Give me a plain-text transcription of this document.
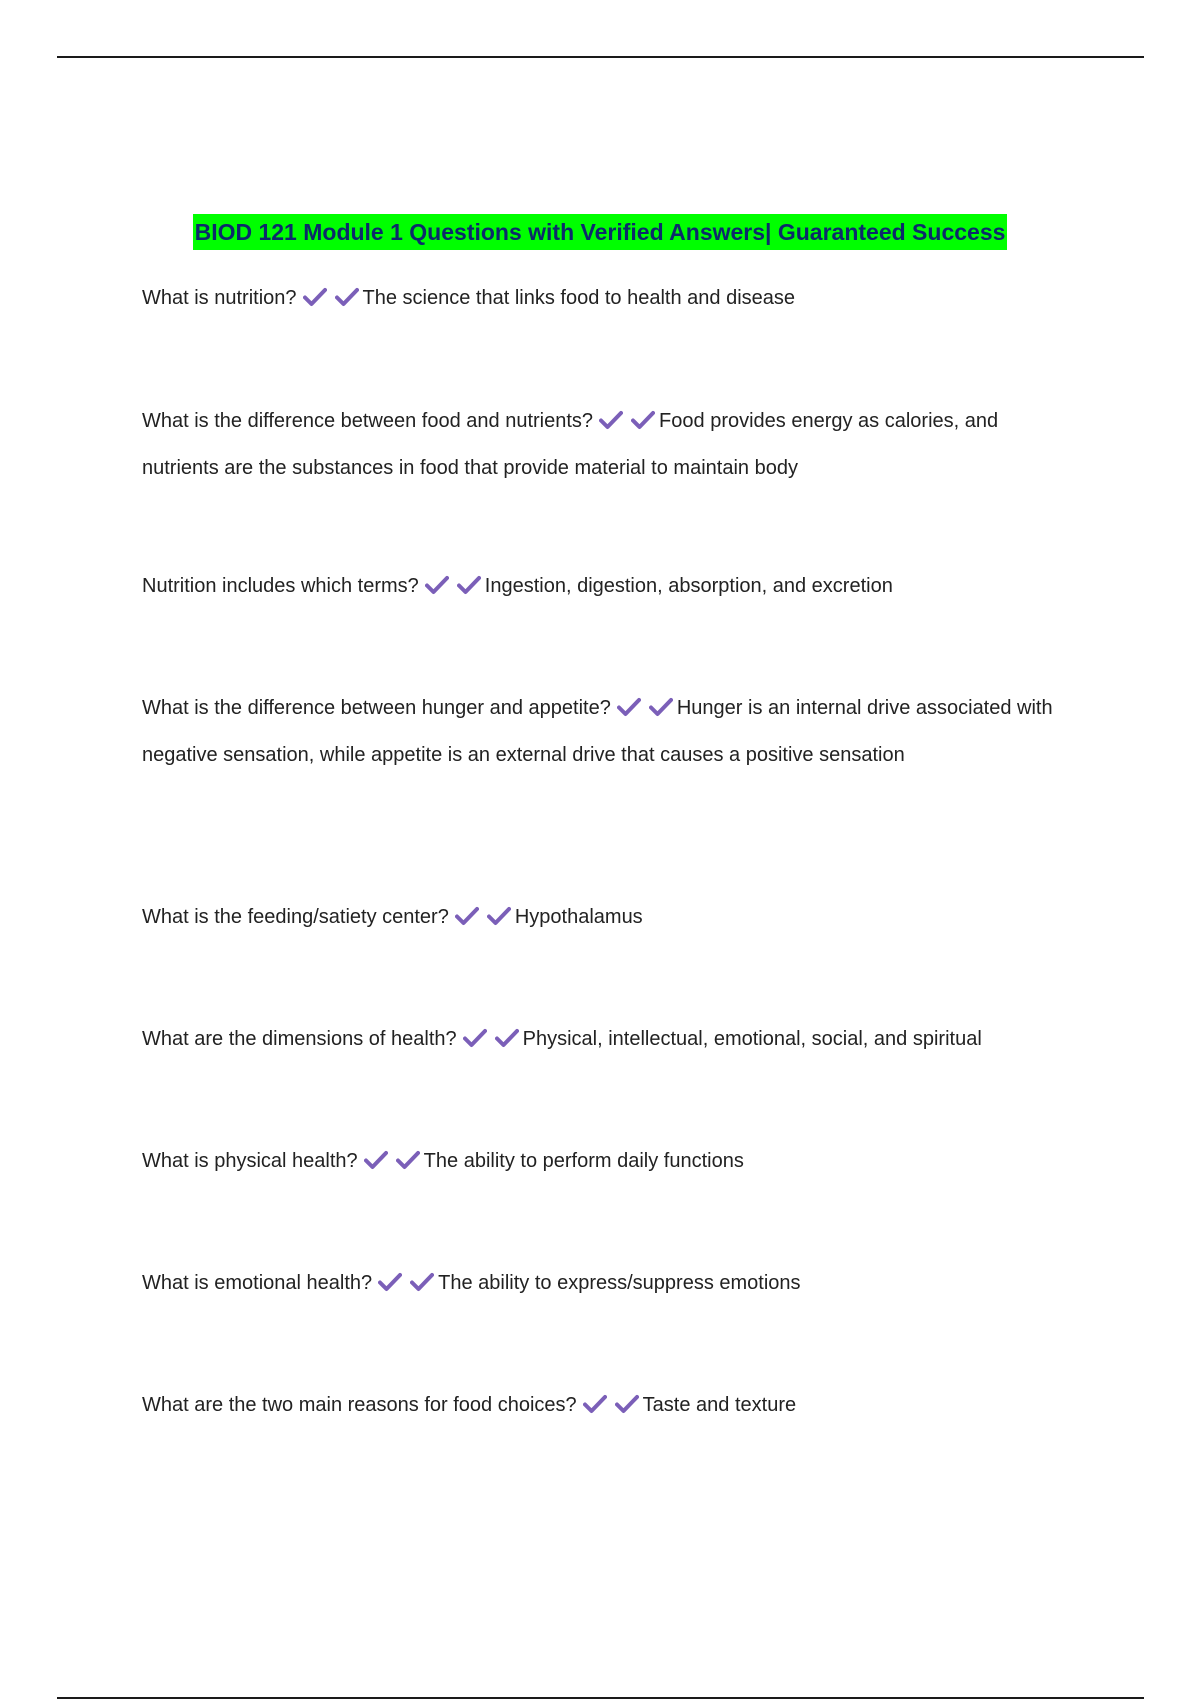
BIOD 121 Module 1 Questions with Verified Answers| Guaranteed Success
What is nutrition?	The science that links food to health and disease
What is the difference between food and nutrients?	Food provides energy as calories, and nutrients are the substances in food that provide material to maintain body
Nutrition includes which terms?	Ingestion, digestion, absorption, and excretion
What is the difference between hunger and appetite?	Hunger is an internal drive associated with negative sensation, while appetite is an external drive that causes a positive sensation
What is the feeding/satiety center?	Hypothalamus
What are the dimensions of health?	Physical, intellectual, emotional, social, and spiritual
What is physical health?	The ability to perform daily functions
What is emotional health?	The ability to express/suppress emotions
What are the two main reasons for food choices?	Taste and texture
